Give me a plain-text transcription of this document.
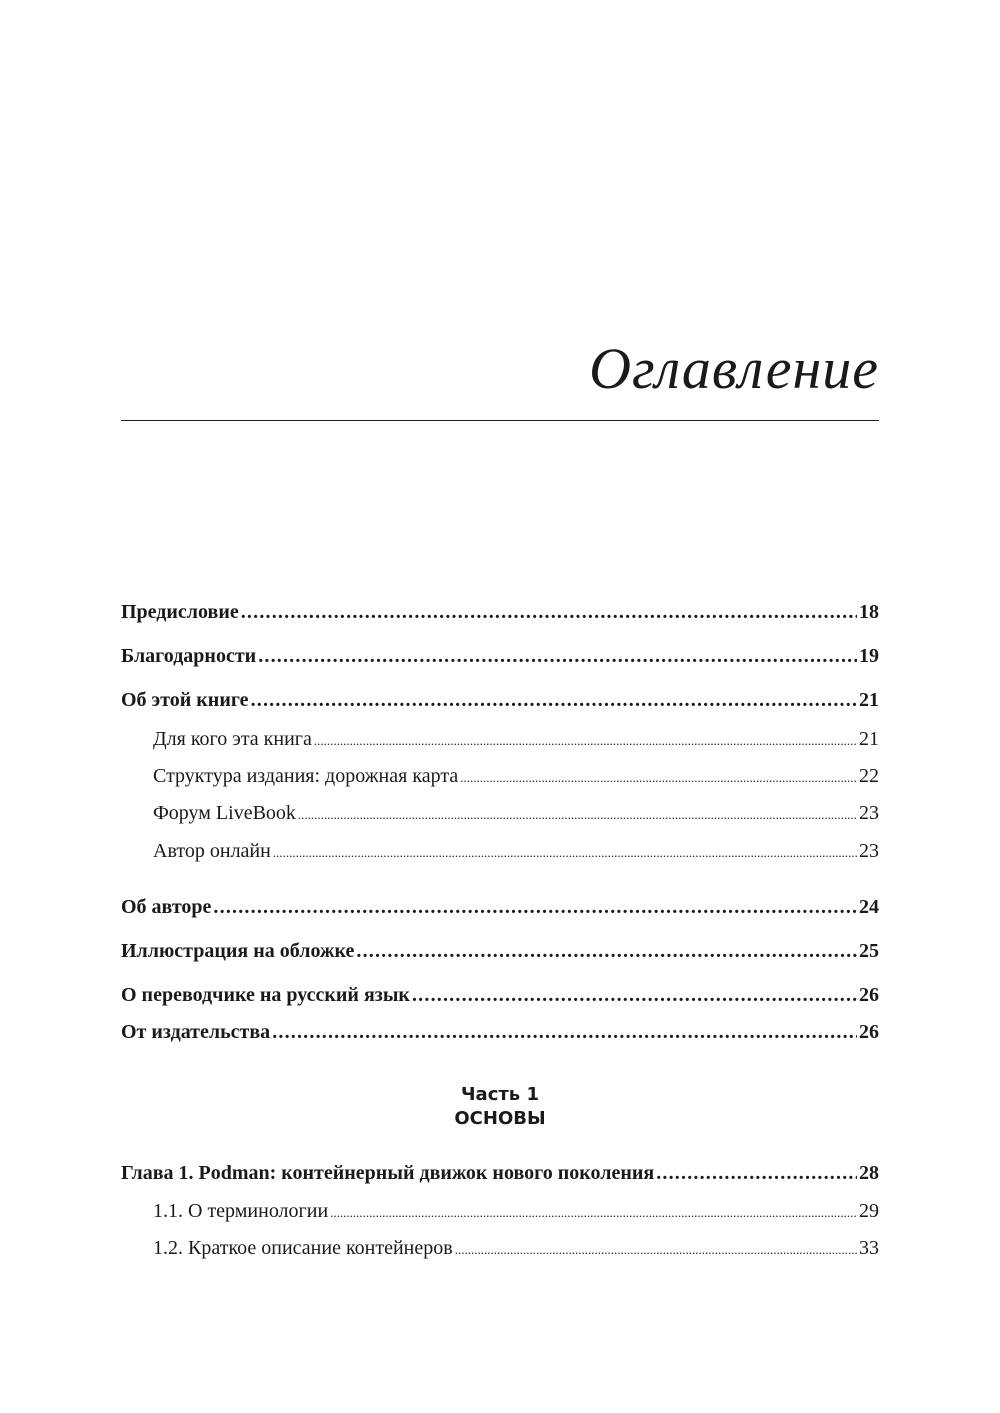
Оглавление
Предисловие .....	18
Благодарности .....	19
Об этой книге .....	21
Для кого эта книга .....	21
Структура издания: дорожная карта .....	22
Форум LiveBook .....	23
Автор онлайн .....	23
Об авторе .....	24
Иллюстрация на обложке .....	25
О переводчике на русский язык .....	26
От издательства .....	26
Часть 1
ОСНОВЫ
Глава 1. Podman: контейнерный движок нового поколения .....	28
1.1. О терминологии .....	29
1.2. Краткое описание контейнеров .....	33
